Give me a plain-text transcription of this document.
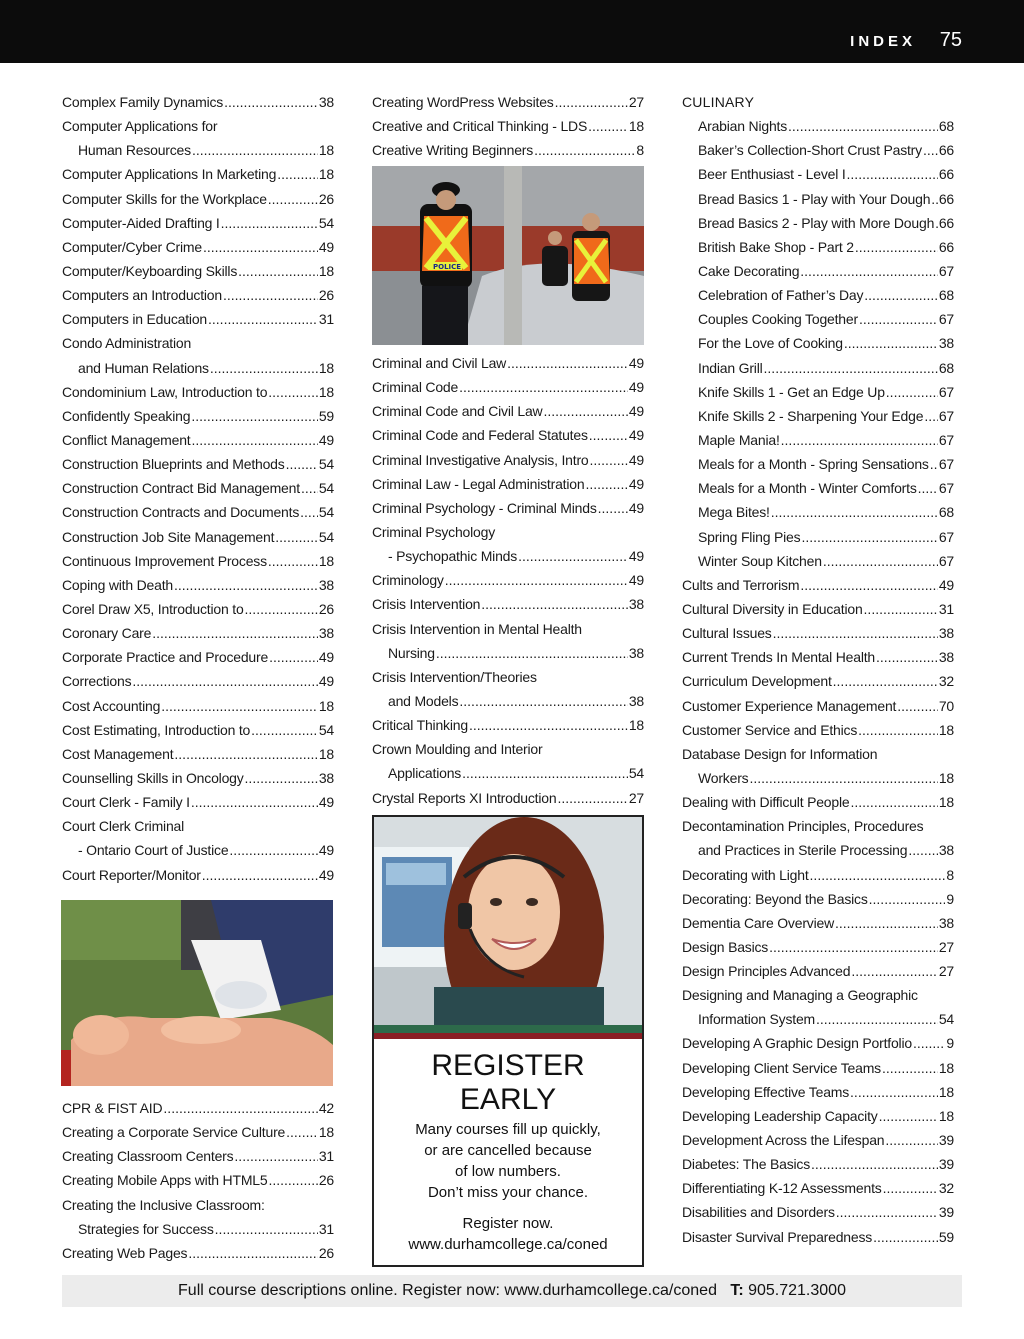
INDEX 75
Complex Family Dynamics .....	38
Computer Applications for
Human Resources .....	18
Computer Applications In Marketing .....	18
Computer Skills for the Workplace .....	26
Computer-Aided Drafting I .....	54
Computer/Cyber Crime .....	49
Computer/Keyboarding Skills .....	18
Computers an Introduction .....	26
Computers in Education .....	31
Condo Administration
and Human Relations .....	18
Condominium Law, Introduction to .....	18
Confidently Speaking .....	59
Conflict Management .....	49
Construction Blueprints and Methods ..... 54
Construction Contract Bid Management ..... 54
Construction Contracts and Documents ..... 54
Construction Job Site Management .....	54
Continuous Improvement Process .....	18
Coping with Death .....	38
Corel Draw X5, Introduction to .....	26
Coronary Care .....	38
Corporate Practice and Procedure .....	49
Corrections .....	49
Cost Accounting .....	18
Cost Estimating, Introduction to .....	54
Cost Management .....	18
Counselling Skills in Oncology .....	38
Court Clerk - Family I .....	49
Court Clerk Criminal
- Ontario Court of Justice .....	49
Court Reporter/Monitor .....	49
CPR & FIST AID .....	42
Creating a Corporate Service Culture ..... 18
Creating Classroom Centers .....	31
Creating Mobile Apps with HTML5 .....	26
Creating the Inclusive Classroom:
Strategies for Success .....	31
Creating Web Pages .....	26
Creating WordPress Websites .....	27
Creative and Critical Thinking - LDS .....	18
Creative Writing Beginners .....	8
POLICE
Criminal and Civil Law .....	49
Criminal Code .....	49
Criminal Code and Civil Law .....	49
Criminal Code and Federal Statutes .....	49
Criminal Investigative Analysis, Intro .....	49
Criminal Law - Legal Administration .....	49
Criminal Psychology - Criminal Minds ..... 49
Criminal Psychology
- Psychopathic Minds .....	49
Criminology .....	49
Crisis Intervention .....	38
Crisis Intervention in Mental Health
Nursing .....	38
Crisis Intervention/Theories
and Models .....	38
Critical Thinking .....	18
Crown Moulding and Interior
Applications .....	54
Crystal Reports XI Introduction .....	27
REGISTER
EARLY
Many courses fill up quickly,
or are cancelled because
of low numbers.
Don’t miss your chance.
Register now.
www.durhamcollege.ca/coned
CULINARY
Arabian Nights .....	68
Baker’s Collection-Short Crust Pastry ..... 66
Beer Enthusiast - Level I .....	66
Bread Basics 1 - Play with Your Dough ..... 66
Bread Basics 2 - Play with More Dough ..... 66
British Bake Shop - Part 2 .....	66
Cake Decorating .....	67
Celebration of Father’s Day .....	68
Couples Cooking Together .....	67
For the Love of Cooking .....	38
Indian Grill .....	68
Knife Skills 1 - Get an Edge Up .....	67
Knife Skills 2 - Sharpening Your Edge ..... 67
Maple Mania! .....	67
Meals for a Month - Spring Sensations ..... 67
Meals for a Month - Winter Comforts ..... 67
Mega Bites! .....	68
Spring Fling Pies .....	67
Winter Soup Kitchen .....	67
Cults and Terrorism .....	49
Cultural Diversity in Education .....	31
Cultural Issues .....	38
Current Trends In Mental Health .....	38
Curriculum Development .....	32
Customer Experience Management .....	70
Customer Service and Ethics .....	18
Database Design for Information
Workers .....	18
Dealing with Difficult People .....	18
Decontamination Principles, Procedures
and Practices in Sterile Processing ..... 38
Decorating with Light .....	8
Decorating: Beyond the Basics .....	9
Dementia Care Overview .....	38
Design Basics .....	27
Design Principles Advanced .....	27
Designing and Managing a Geographic
Information System .....	54
Developing A Graphic Design Portfolio ..... 9
Developing Client Service Teams .....	18
Developing Effective Teams .....	18
Developing Leadership Capacity .....	18
Development Across the Lifespan .....	39
Diabetes: The Basics .....	39
Differentiating K-12 Assessments .....	32
Disabilities and Disorders .....	39
Disaster Survival Preparedness .....	59
Full course descriptions online. Register now: www.durhamcollege.ca/coned T: 905.721.3000
